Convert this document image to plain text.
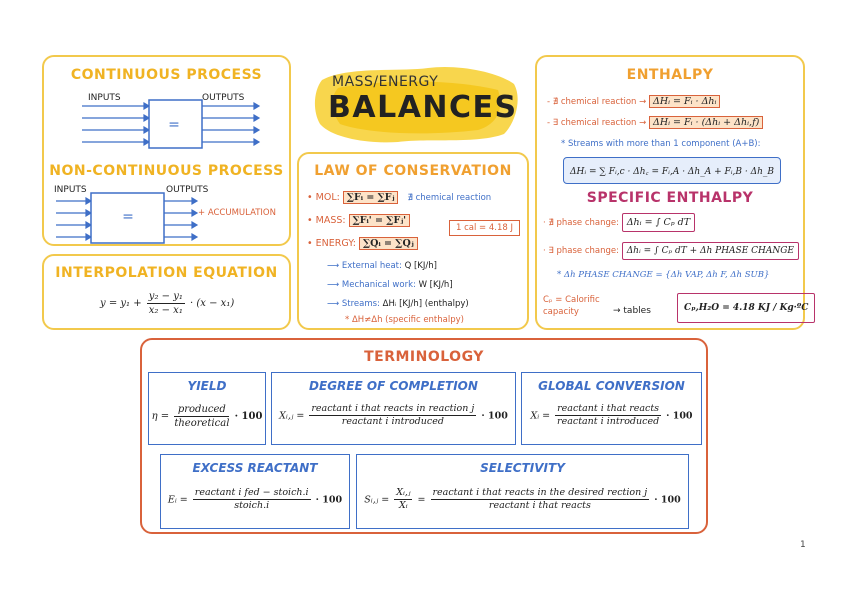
CONTINUOUS PROCESS
INPUTS	OUTPUTS
=
NON-CONTINUOUS PROCESS
INPUTS	OUTPUTS
=	+ ACCUMULATION
INTERPOLATION EQUATION
$y = y_1 + \frac{\text{y₂ − y₁}}{\text{x₂ − x₁}} \cdot (x - x_1)$
MASS/ENERGY
BALANCES
LAW OF CONSERVATION
• MOL: ∑Fᵢ = ∑Fⱼ ∄ chemical reaction
• MASS: ∑Fᵢ' = ∑Fⱼ'
1 cal = 4.18 J
• ENERGY: ∑Qᵢ = ∑Qⱼ
⟶ External heat: Q [KJ/h]
⟶ Mechanical work: W [KJ/h]
⟶ Streams: ΔHᵢ [KJ/h] (enthalpy)
* ΔH≠Δh (specific enthalpy)
ENTHALPY
- ∄ chemical reaction → ΔHᵢ = Fᵢ · Δhᵢ
- ∃ chemical reaction → ΔHᵢ = Fᵢ · (Δhᵢ + Δhᵢ,f)
* Streams with more than 1 component (A+B):
ΔHᵢ = ∑ Fᵢ,c · Δh꜀ = Fᵢ,A · Δh_A + Fᵢ,B · Δh_B
SPECIFIC ENTHALPY
· ∄ phase change: Δhᵢ = ∫ Cₚ dT
· ∃ phase change: Δhᵢ = ∫ Cₚ dT + Δh PHASE CHANGE
* Δh PHASE CHANGE = {Δh VAP, Δh F, Δh SUB}
Cₚ = Calorific capacity	→ tables	Cₚ,H₂O = 4.18 KJ / Kg·ºC
TERMINOLOGY
YIELD
$\eta = \frac{\text{produced}}{\text{theoretical}} \cdot 100$
DEGREE OF COMPLETION
Xᵢ,ⱼ = $\frac{\text{reactant i that reacts in reaction j}}{\text{reactant i introduced}} \cdot 100$
GLOBAL CONVERSION
Xᵢ = $\frac{\text{reactant i that reacts}}{\text{reactant i introduced}} \cdot 100$
EXCESS REACTANT
Eᵢ = $\frac{\text{reactant i fed − stoich.i}}{\text{stoich.i}} \cdot 100$
SELECTIVITY
Sᵢ,ⱼ = $\frac{\text{Xᵢ,ⱼ}}{\text{Xᵢ}} = \frac{\text{reactant i that reacts in the desired rection j}}{\text{reactant i that reacts}} \cdot 100$
1
